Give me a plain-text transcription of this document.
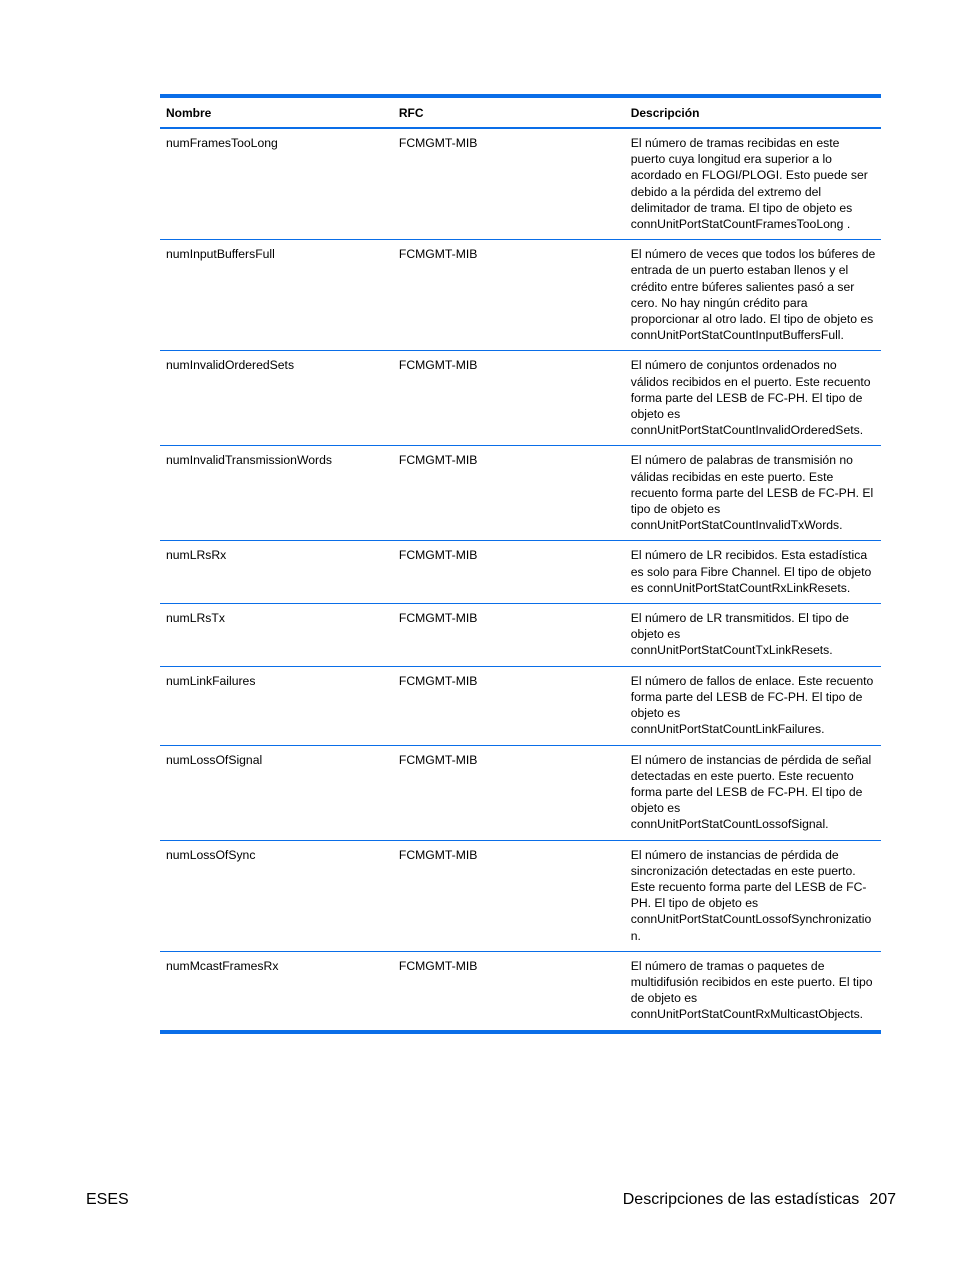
Nombre	RFC	Descripción
numFramesTooLong	FCMGMT-MIB	El número de tramas recibidas en este puerto cuya longitud era superior a lo acordado en FLOGI/PLOGI. Esto puede ser debido a la pérdida del extremo del delimitador de trama. El tipo de objeto es connUnitPortStatCountFramesTooLong .
numInputBuffersFull	FCMGMT-MIB	El número de veces que todos los búferes de entrada de un puerto estaban llenos y el crédito entre búferes salientes pasó a ser cero. No hay ningún crédito para proporcionar al otro lado. El tipo de objeto es connUnitPortStatCountInputBuffersFull.
numInvalidOrderedSets	FCMGMT-MIB	El número de conjuntos ordenados no válidos recibidos en el puerto. Este recuento forma parte del LESB de FC-PH. El tipo de objeto es connUnitPortStatCountInvalidOrderedSets.
numInvalidTransmissionWords	FCMGMT-MIB	El número de palabras de transmisión no válidas recibidas en este puerto. Este recuento forma parte del LESB de FC-PH. El tipo de objeto es connUnitPortStatCountInvalidTxWords.
numLRsRx	FCMGMT-MIB	El número de LR recibidos. Esta estadística es solo para Fibre Channel. El tipo de objeto es connUnitPortStatCountRxLinkResets.
numLRsTx	FCMGMT-MIB	El número de LR transmitidos. El tipo de objeto es connUnitPortStatCountTxLinkResets.
numLinkFailures	FCMGMT-MIB	El número de fallos de enlace. Este recuento forma parte del LESB de FC-PH. El tipo de objeto es connUnitPortStatCountLinkFailures.
numLossOfSignal	FCMGMT-MIB	El número de instancias de pérdida de señal detectadas en este puerto. Este recuento forma parte del LESB de FC-PH. El tipo de objeto es connUnitPortStatCountLossofSignal.
numLossOfSync	FCMGMT-MIB	El número de instancias de pérdida de sincronización detectadas en este puerto. Este recuento forma parte del LESB de FC-PH. El tipo de objeto es connUnitPortStatCountLossofSynchronization.
numMcastFramesRx	FCMGMT-MIB	El número de tramas o paquetes de multidifusión recibidos en este puerto. El tipo de objeto es connUnitPortStatCountRxMulticastObjects.
ESES	Descripciones de las estadísticas 207
